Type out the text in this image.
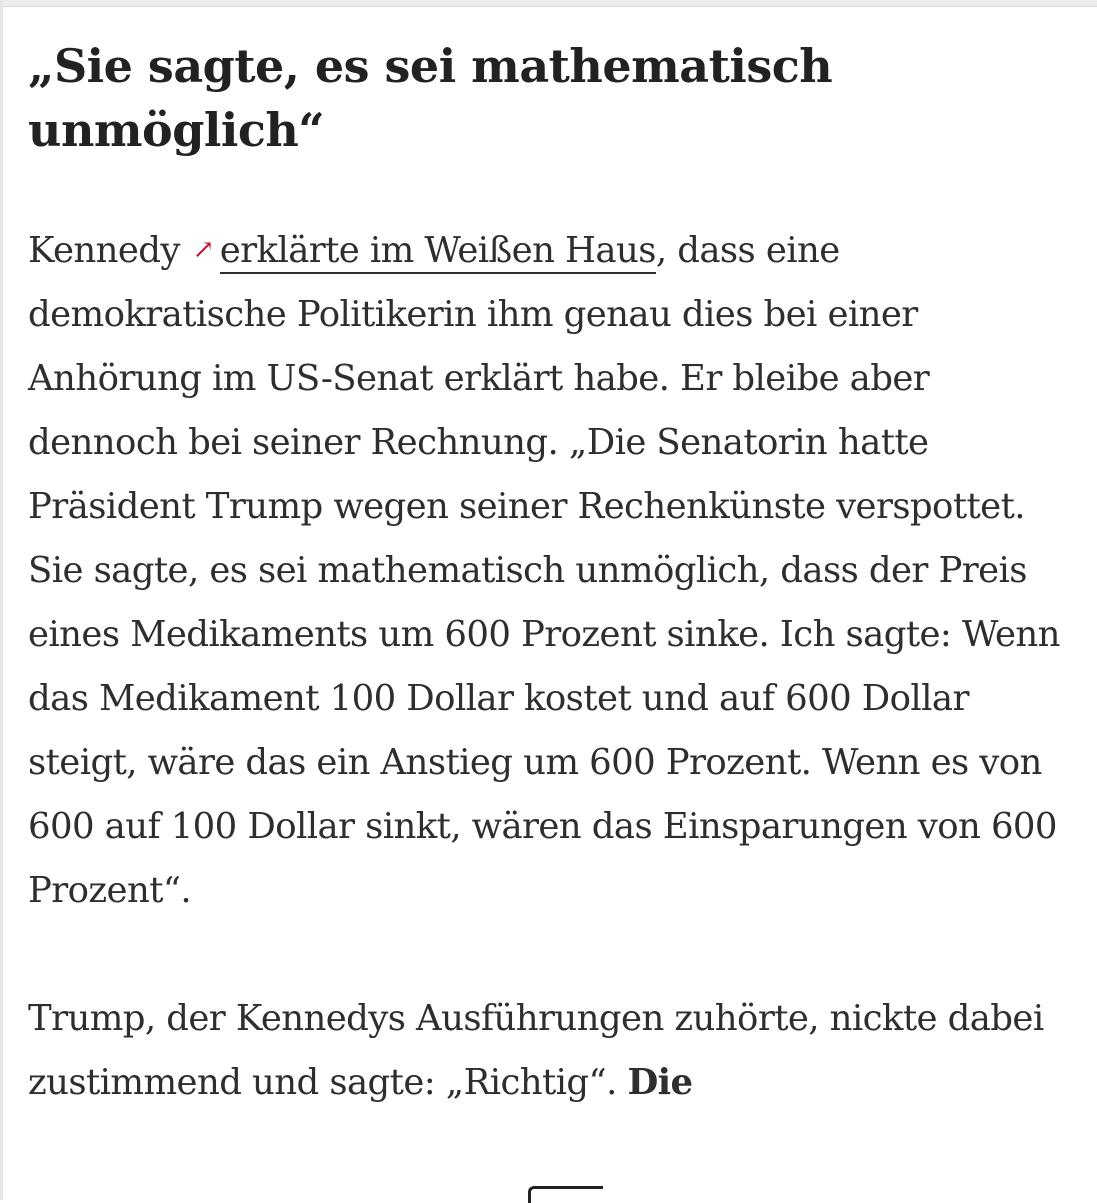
„Sie sagte, es sei mathematisch unmöglich“

Kennedy ↗ erklärte im Weißen Haus, dass eine demokratische Politikerin ihm genau dies bei einer Anhörung im US-Senat erklärt habe. Er bleibe aber dennoch bei seiner Rechnung. „Die Senatorin hatte Präsident Trump wegen seiner Rechenkünste verspottet. Sie sagte, es sei mathematisch unmöglich, dass der Preis eines Medikaments um 600 Prozent sinke. Ich sagte: Wenn das Medikament 100 Dollar kostet und auf 600 Dollar steigt, wäre das ein Anstieg um 600 Prozent. Wenn es von 600 auf 100 Dollar sinkt, wären das Einsparungen von 600 Prozent“.

Trump, der Kennedys Ausführungen zuhörte, nickte dabei zustimmend und sagte: „Richtig“. Die
